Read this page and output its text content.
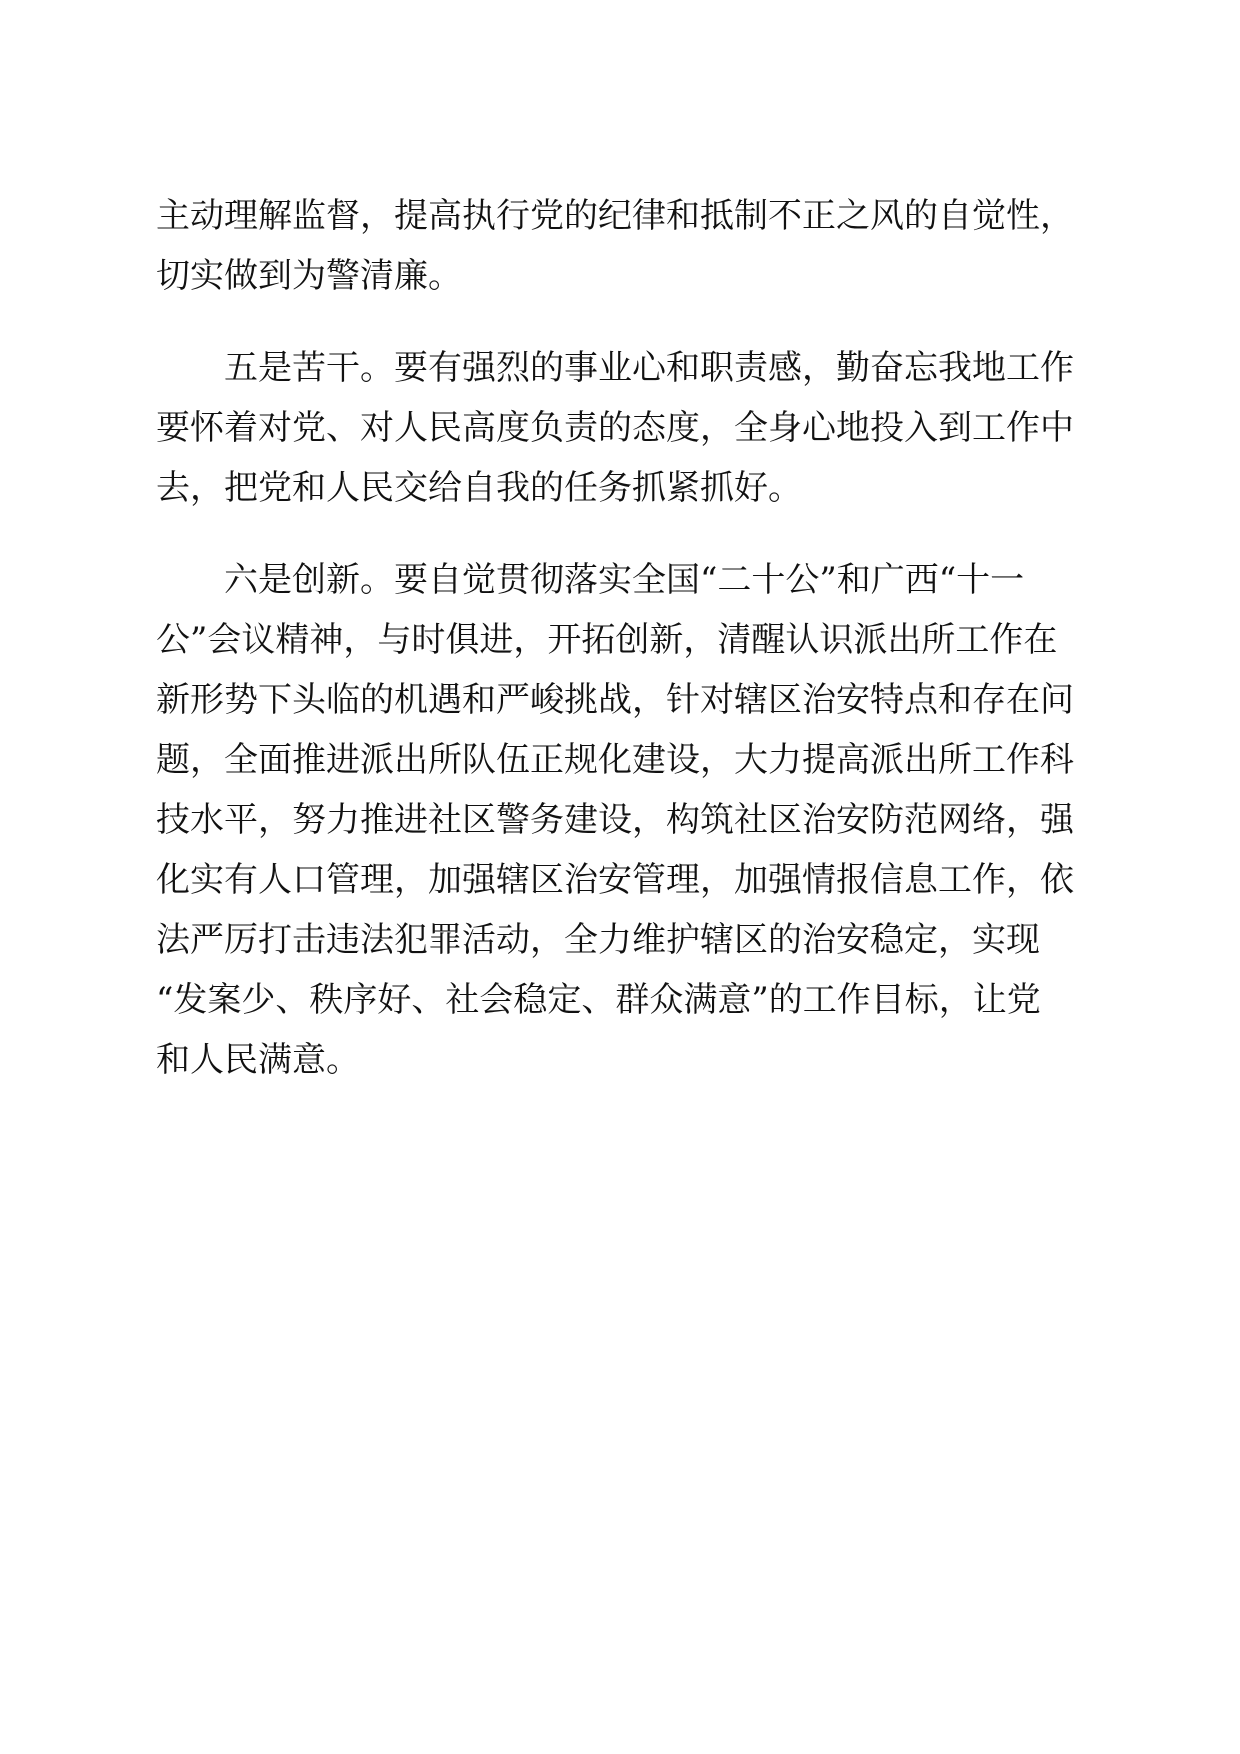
主动理解监督，提高执行党的纪律和抵制不正之风的自觉性，
切实做到为警清廉。
　　五是苦干。要有强烈的事业心和职责感，勤奋忘我地工作
要怀着对党、对人民高度负责的态度，全身心地投入到工作中
去，把党和人民交给自我的任务抓紧抓好。
　　六是创新。要自觉贯彻落实全国“二十公”和广西“十一
公”会议精神，与时俱进，开拓创新，清醒认识派出所工作在
新形势下头临的机遇和严峻挑战，针对辖区治安特点和存在问
题，全面推进派出所队伍正规化建设，大力提高派出所工作科
技水平，努力推进社区警务建设，构筑社区治安防范网络，强
化实有人口管理，加强辖区治安管理，加强情报信息工作，依
法严厉打击违法犯罪活动，全力维护辖区的治安稳定，实现
“发案少、秩序好、社会稳定、群众满意”的工作目标，让党
和人民满意。
